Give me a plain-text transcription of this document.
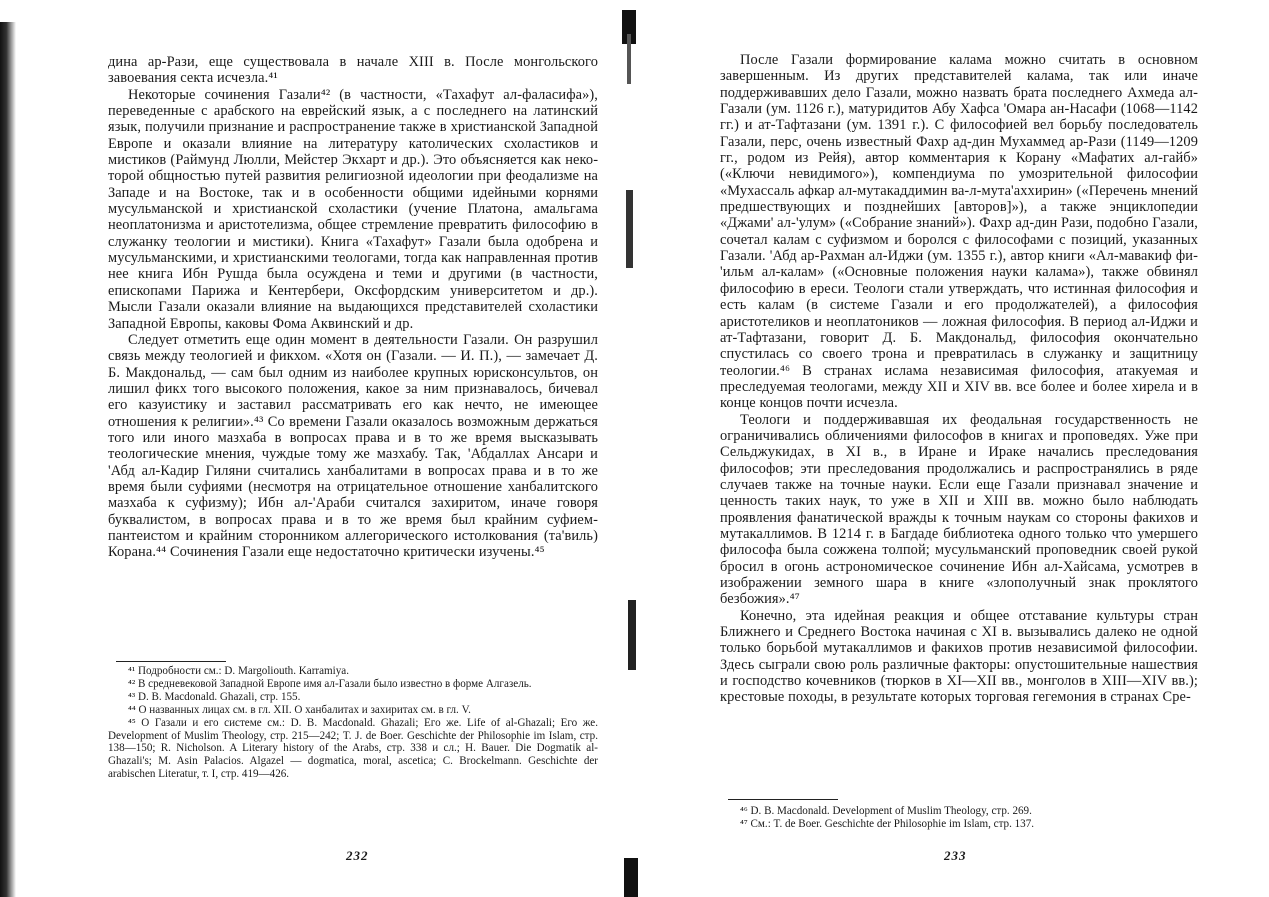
дина ар-Рази, еще существовала в начале XIII в. После монгольского завоевания секта исчезла.⁴¹

Некоторые сочинения Газали⁴² (в частности, «Тахафут ал-фаласифа»), переведенные с арабского на еврейский язык, а с последнего на латинский язык, получили признание и распространение также в христианской Западной Европе и оказали влияние на литературу католических схоластиков и мистиков (Раймунд Люлли, Мейстер Экхарт и др.). Это объясняется как некоторой общностью путей развития религиозной идеологии при феодализме на Западе и на Востоке, так и в особенности общими идейными корнями мусульманской и христианской схоластики (учение Платона, амальгама неоплатонизма и аристотелизма, общее стремление превратить философию в служанку теологии и мистики). Книга «Тахафут» Газали была одобрена и мусульманскими, и христианскими теологами, тогда как направленная против нее книга Ибн Рушда была осуждена и теми и другими (в частности, епископами Парижа и Кентербери, Оксфордским университетом и др.). Мысли Газали оказали влияние на выдающихся представителей схоластики Западной Европы, каковы Фома Аквинский и др.

Следует отметить еще один момент в деятельности Газали. Он разрушил связь между теологией и фикхом. «Хотя он (Газали. — И. П.), — замечает Д. Б. Макдональд, — сам был одним из наиболее крупных юрисконсультов, он лишил фикх того высокого положения, какое за ним признавалось, бичевал его казуистику и заставил рассматривать его как нечто, не имеющее отношения к религии».⁴³ Со времени Газали оказалось возможным держаться того или иного мазхаба в вопросах права и в то же время высказывать теологические мнения, чуждые тому же мазхабу. Так, 'Абдаллах Ансари и 'Абд ал-Кадир Гиляни считались ханбалитами в вопросах права и в то же время были суфиями (несмотря на отрицательное отношение ханбалитского мазхаба к суфизму); Ибн ал-'Араби считался захиритом, иначе говоря буквалистом, в вопросах права и в то же время был крайним суфием-пантеистом и крайним сторонником аллегорического истолкования (та'виль) Корана.⁴⁴ Сочинения Газали еще недостаточно критически изучены.⁴⁵

⁴¹ Подробности см.: D. Margoliouth. Karramiya.

⁴² В средневековой Западной Европе имя ал-Газали было известно в форме Алгазель.

⁴³ D. B. Macdonald. Ghazali, стр. 155.

⁴⁴ О названных лицах см. в гл. XII. О ханбалитах и захиритах см. в гл. V.

⁴⁵ О Газали и его системе см.: D. B. Macdonald. Ghazali; Его же. Life of al-Ghazali; Его же. Development of Muslim Theology, стр. 215—242; T. J. de Boer. Geschichte der Philosophie im Islam, стр. 138—150; R. Nicholson. A Literary history of the Arabs, стр. 338 и сл.; H. Bauer. Die Dogmatik al-Ghazali's; M. Asin Palacios. Algazel — dogmatica, moral, ascetica; C. Brockelmann. Geschichte der arabischen Literatur, т. I, стр. 419—426.

232

После Газали формирование калама можно считать в основном завершенным. Из других представителей калама, так или иначе поддерживавших дело Газали, можно назвать брата последнего Ахмеда ал-Газали (ум. 1126 г.), матуридитов Абу Хафса 'Омара ан-Насафи (1068—1142 гг.) и ат-Тафтазани (ум. 1391 г.). С философией вел борьбу последователь Газали, перс, очень известный Фахр ад-дин Мухаммед ар-Рази (1149—1209 гг., родом из Рейя), автор комментария к Корану «Мафатих ал-гайб» («Ключи невидимого»), компендиума по умозрительной философии «Мухассаль афкар ал-мутакаддимин ва-л-мута'аххирин» («Перечень мнений предшествующих и позднейших [авторов]»), а также энциклопедии «Джами' ал-'улум» («Собрание знаний»). Фахр ад-дин Рази, подобно Газали, сочетал калам с суфизмом и боролся с философами с позиций, указанных Газали. 'Абд ар-Рахман ал-Иджи (ум. 1355 г.), автор книги «Ал-мавакиф фи-'ильм ал-калам» («Основные положения науки калама»), также обвинял философию в ереси. Теологи стали утверждать, что истинная философия и есть калам (в системе Газали и его продолжателей), а философия аристотеликов и неоплатоников — ложная философия. В период ал-Иджи и ат-Тафтазани, говорит Д. Б. Макдональд, философия окончательно спустилась со своего трона и превратилась в служанку и защитницу теологии.⁴⁶ В странах ислама независимая философия, атакуемая и преследуемая теологами, между XII и XIV вв. все более и более хирела и в конце концов почти исчезла.

Теологи и поддерживавшая их феодальная государственность не ограничивались обличениями философов в книгах и проповедях. Уже при Сельджукидах, в XI в., в Иране и Ираке начались преследования философов; эти преследования продолжались и распространялись в ряде случаев также на точные науки. Если еще Газали признавал значение и ценность таких наук, то уже в XII и XIII вв. можно было наблюдать проявления фанатической вражды к точным наукам со стороны факихов и мутакаллимов. В 1214 г. в Багдаде библиотека одного только что умершего философа была сожжена толпой; мусульманский проповедник своей рукой бросил в огонь астрономическое сочинение Ибн ал-Хайсама, усмотрев в изображении земного шара в книге «злополучный знак проклятого безбожия».⁴⁷

Конечно, эта идейная реакция и общее отставание культуры стран Ближнего и Среднего Востока начиная с XI в. вызывались далеко не одной только борьбой мутакаллимов и факихов против независимой философии. Здесь сыграли свою роль различные факторы: опустошительные нашествия и господство кочевников (тюрков в XI—XII вв., монголов в XIII—XIV вв.); крестовые походы, в результате которых торговая гегемония в странах Сре-

⁴⁶ D. B. Macdonald. Development of Muslim Theology, стр. 269.

⁴⁷ См.: T. de Boer. Geschichte der Philosophie im Islam, стр. 137.

233
